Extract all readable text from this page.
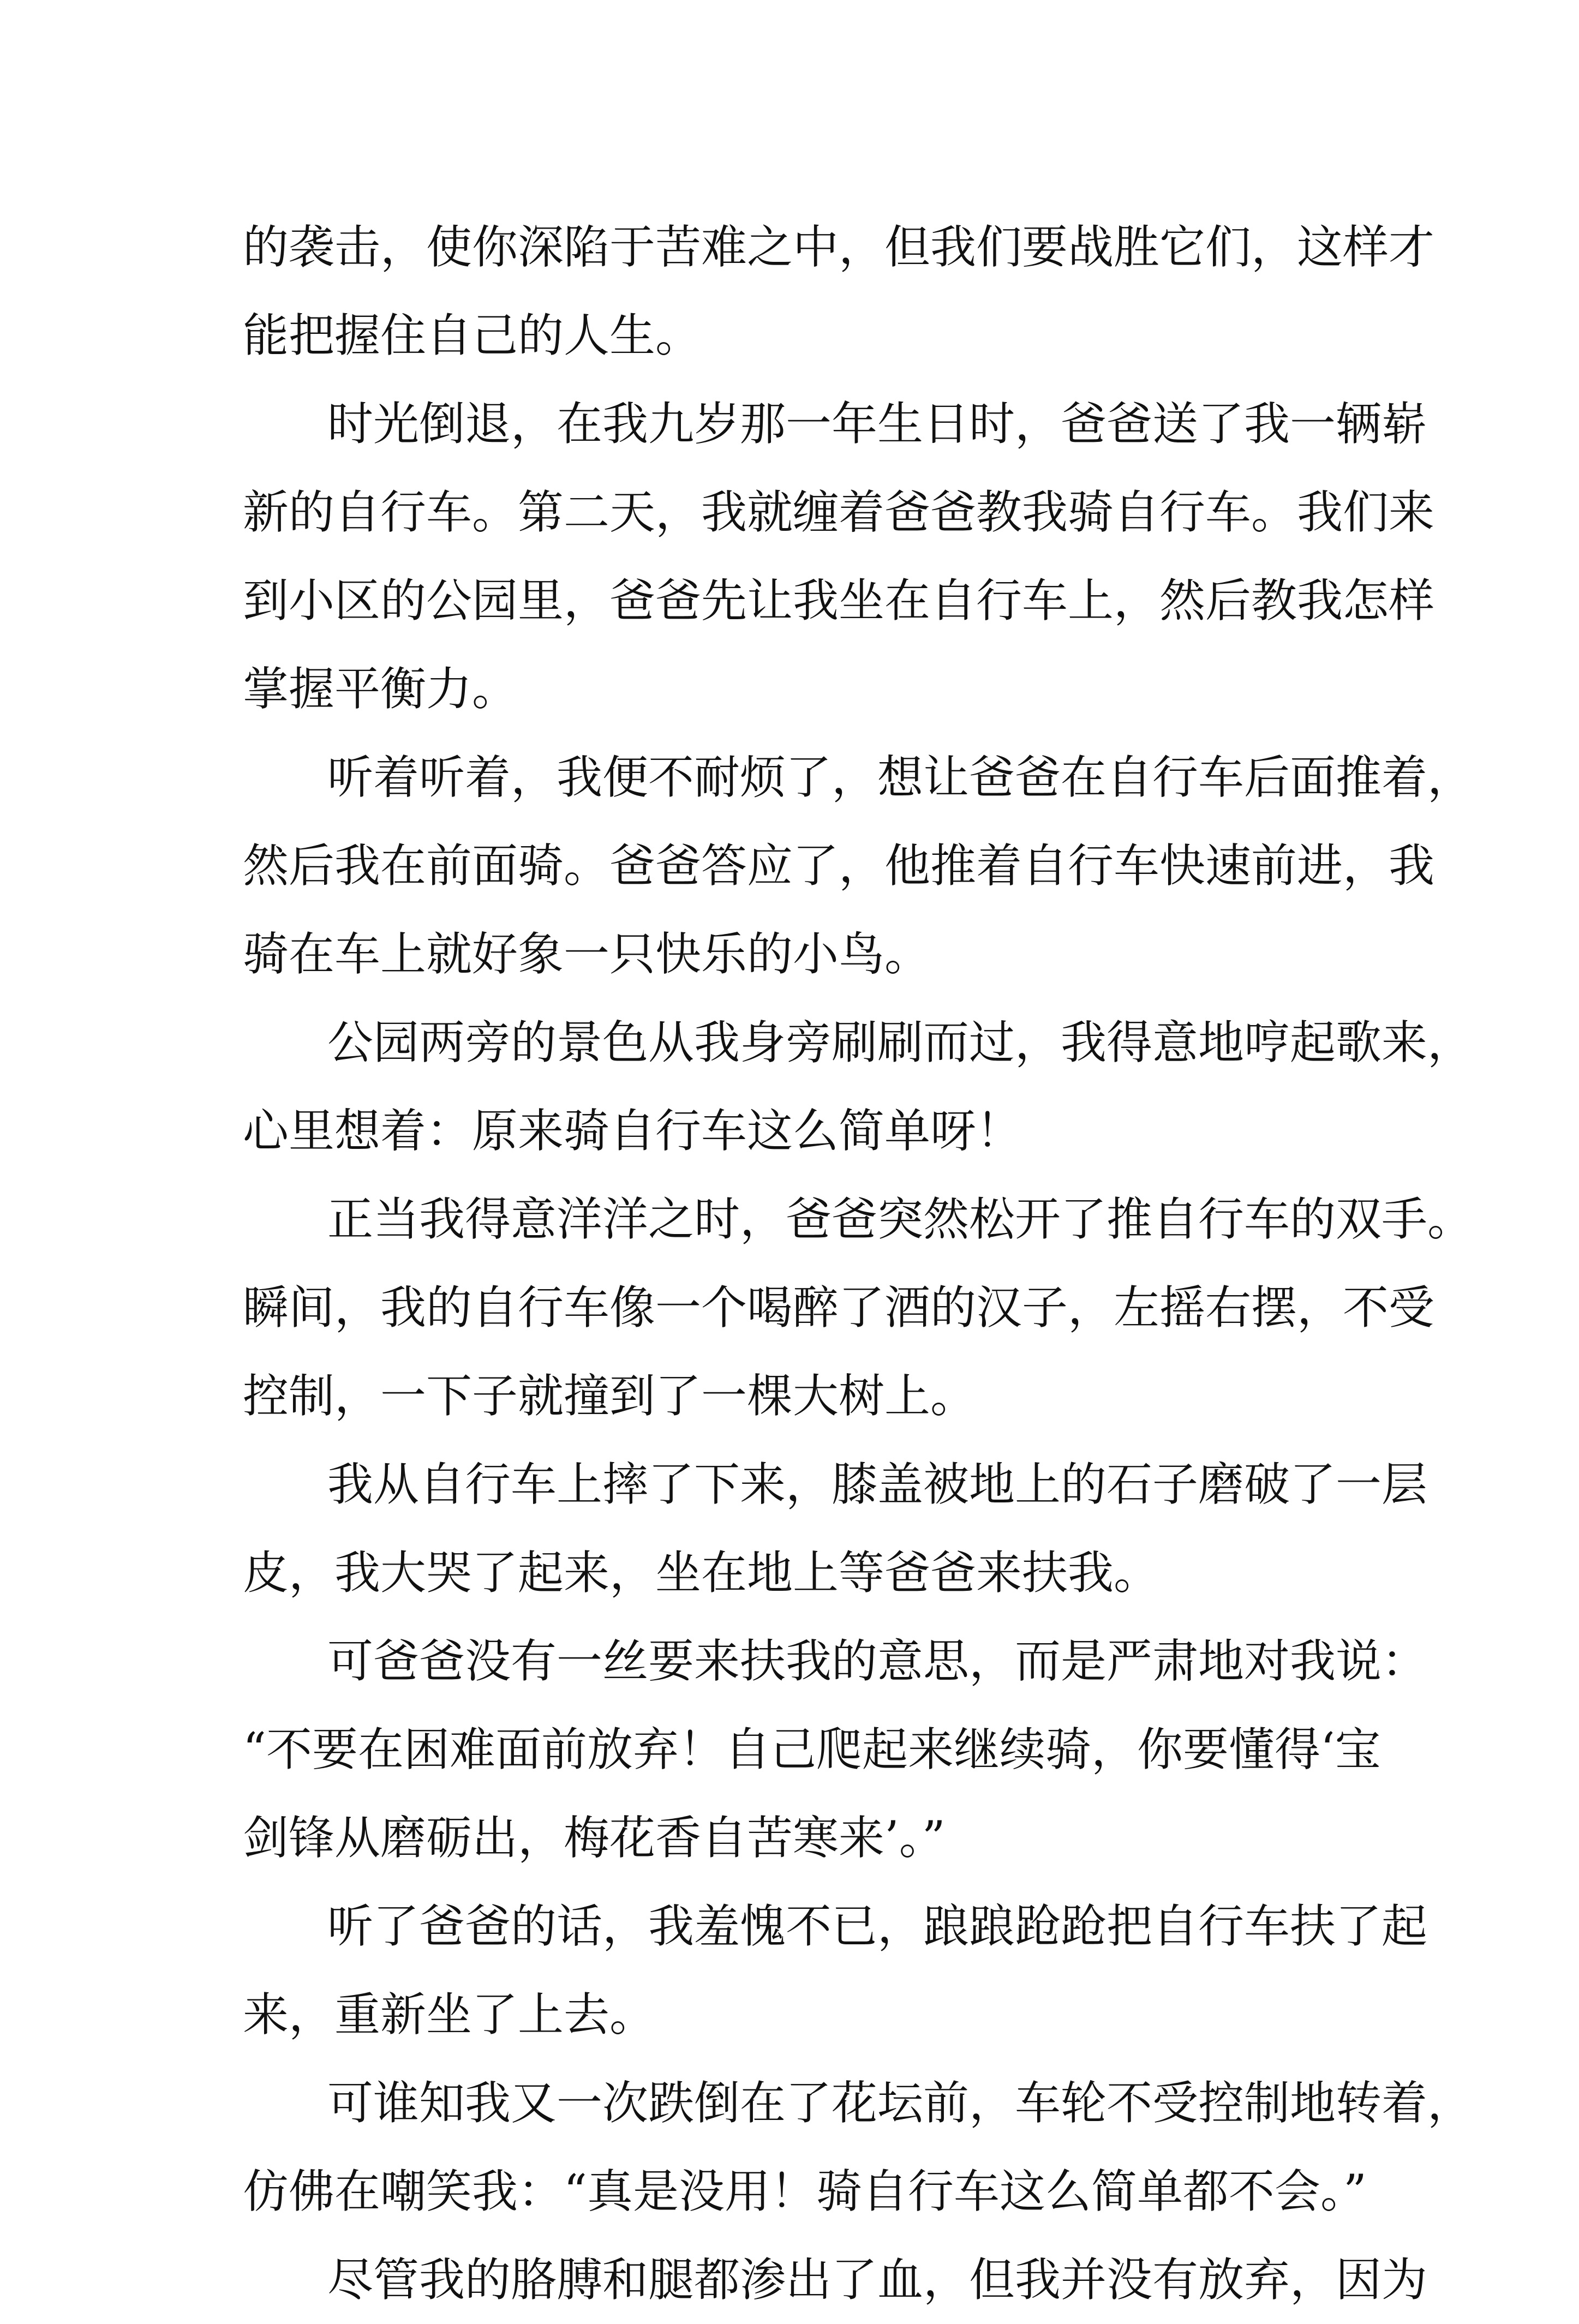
的袭击，使你深陷于苦难之中，但我们要战胜它们，这样才
能把握住自己的人生。
时光倒退，在我九岁那一年生日时，爸爸送了我一辆崭
新的自行车。第二天，我就缠着爸爸教我骑自行车。我们来
到小区的公园里，爸爸先让我坐在自行车上，然后教我怎样
掌握平衡力。
听着听着，我便不耐烦了，想让爸爸在自行车后面推着，
然后我在前面骑。爸爸答应了，他推着自行车快速前进，我
骑在车上就好象一只快乐的小鸟。
公园两旁的景色从我身旁刷刷而过，我得意地哼起歌来，
心里想着：原来骑自行车这么简单呀！
正当我得意洋洋之时，爸爸突然松开了推自行车的双手。
瞬间，我的自行车像一个喝醉了酒的汉子，左摇右摆，不受
控制，一下子就撞到了一棵大树上。
我从自行车上摔了下来，膝盖被地上的石子磨破了一层
皮，我大哭了起来，坐在地上等爸爸来扶我。
可爸爸没有一丝要来扶我的意思，而是严肃地对我说：
“不要在困难面前放弃！自己爬起来继续骑，你要懂得‘宝
剑锋从磨砺出，梅花香自苦寒来’。”
听了爸爸的话，我羞愧不已，踉踉跄跄把自行车扶了起
来，重新坐了上去。
可谁知我又一次跌倒在了花坛前，车轮不受控制地转着，
仿佛在嘲笑我：“真是没用！骑自行车这么简单都不会。”
尽管我的胳膊和腿都渗出了血，但我并没有放弃，因为
